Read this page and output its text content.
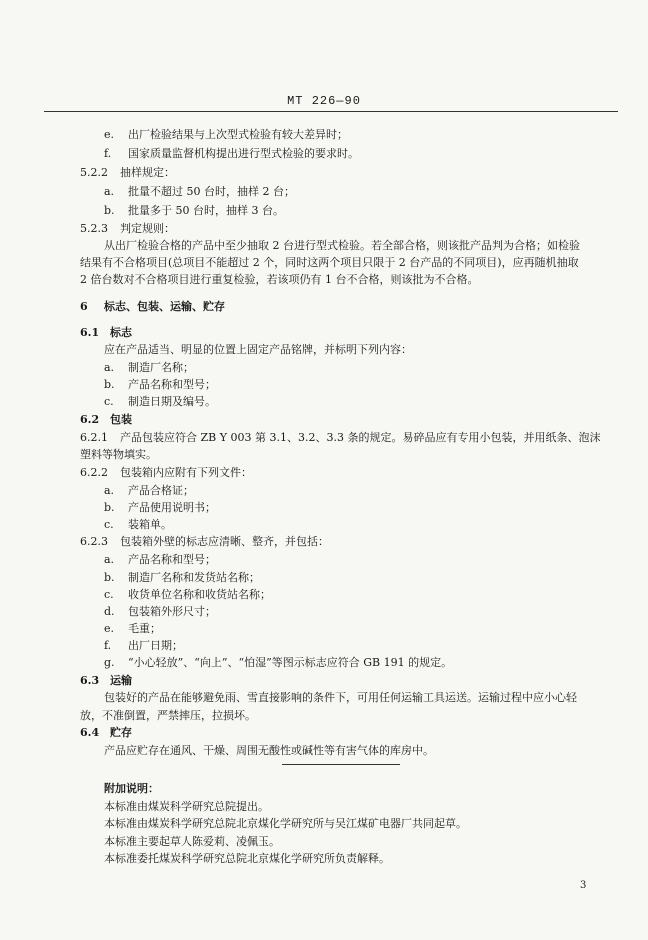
MT 226—90
e. 出厂检验结果与上次型式检验有较大差异时；
f. 国家质量监督机构提出进行型式检验的要求时。
5.2.2 抽样规定：
a. 批量不超过 50 台时，抽样 2 台；
b. 批量多于 50 台时，抽样 3 台。
5.2.3 判定规则：
从出厂检验合格的产品中至少抽取 2 台进行型式检验。若全部合格，则该批产品判为合格；如检验
结果有不合格项目(总项目不能超过 2 个，同时这两个项目只限于 2 台产品的不同项目)，应再随机抽取
2 倍台数对不合格项目进行重复检验，若该项仍有 1 台不合格，则该批为不合格。
6 标志、包装、运输、贮存
6.1 标志
应在产品适当、明显的位置上固定产品铭牌，并标明下列内容：
a. 制造厂名称；
b. 产品名称和型号；
c. 制造日期及编号。
6.2 包装
6.2.1 产品包装应符合 ZB Y 003 第 3.1、3.2、3.3 条的规定。易碎品应有专用小包装，并用纸条、泡沫
塑料等物填实。
6.2.2 包装箱内应附有下列文件：
a. 产品合格证；
b. 产品使用说明书；
c. 装箱单。
6.2.3 包装箱外壁的标志应清晰、整齐，并包括：
a. 产品名称和型号；
b. 制造厂名称和发货站名称；
c. 收货单位名称和收货站名称；
d. 包装箱外形尺寸；
e. 毛重；
f. 出厂日期；
g. “小心轻放”、“向上”、“怕湿”等图示标志应符合 GB 191 的规定。
6.3 运输
包装好的产品在能够避免雨、雪直接影响的条件下，可用任何运输工具运送。运输过程中应小心轻
放，不准倒置，严禁摔压，拉损坏。
6.4 贮存
产品应贮存在通风、干燥、周围无酸性或碱性等有害气体的库房中。
附加说明：
本标准由煤炭科学研究总院提出。
本标准由煤炭科学研究总院北京煤化学研究所与吴江煤矿电器厂共同起草。
本标准主要起草人陈爱莉、凌佩玉。
本标准委托煤炭科学研究总院北京煤化学研究所负责解释。
3
